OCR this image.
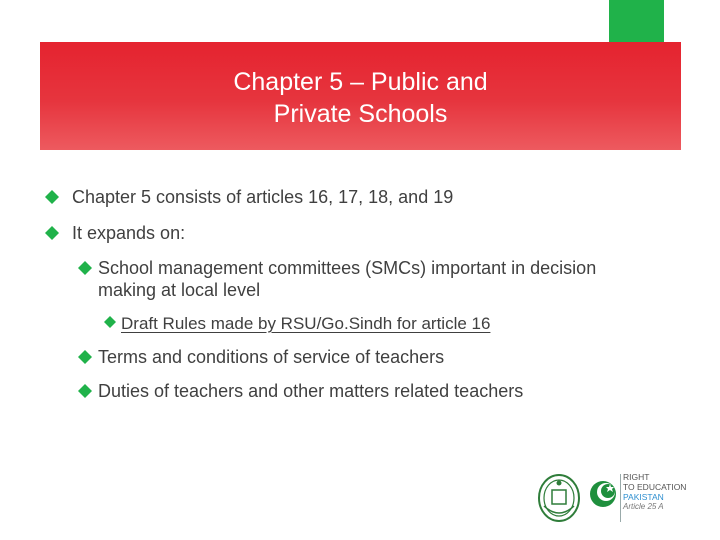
Chapter 5 – Public and
Private Schools
Chapter 5 consists of articles 16, 17, 18, and 19
It expands on:
School management committees (SMCs) important in decision
making at local level
Draft Rules made by RSU/Go.Sindh for article 16
Terms and conditions of service of teachers
Duties of teachers and other matters related teachers
RIGHT
TO EDUCATION
PAKISTAN
Article 25 A
